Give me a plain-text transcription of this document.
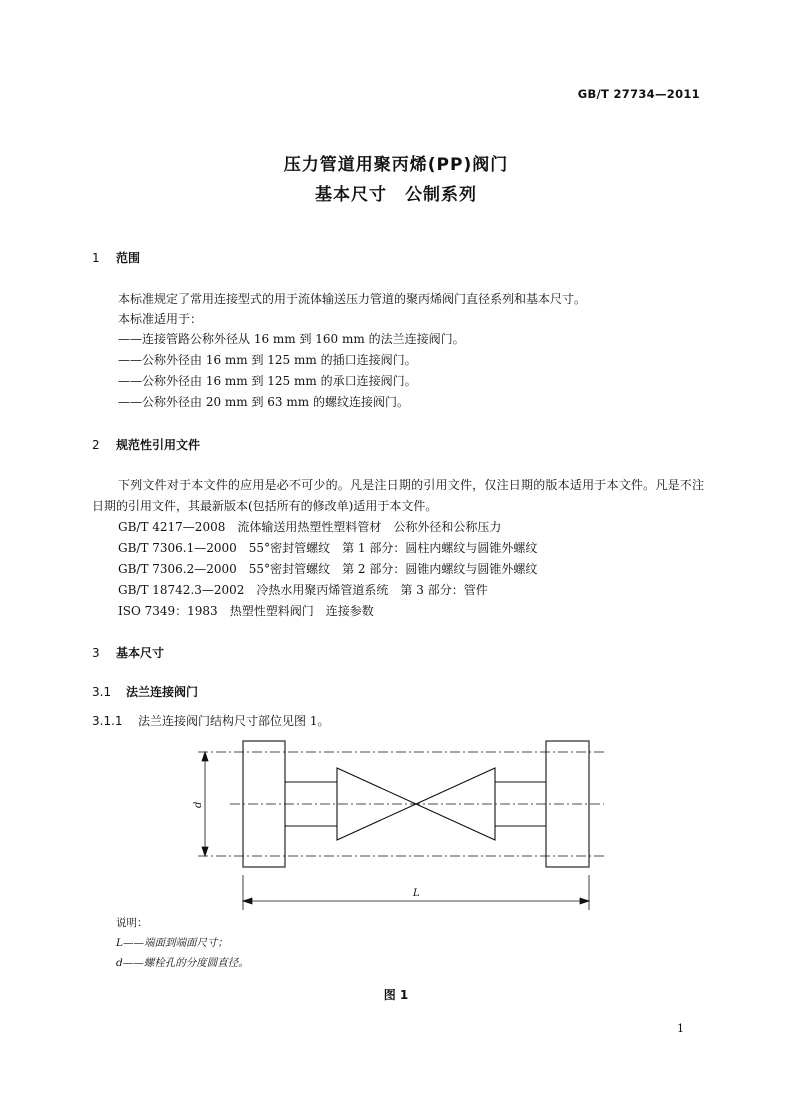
GB/T 27734—2011
压力管道用聚丙烯(PP)阀门
基本尺寸　公制系列
1 范围
本标准规定了常用连接型式的用于流体输送压力管道的聚丙烯阀门直径系列和基本尺寸。
本标准适用于：
——连接管路公称外径从 16 mm 到 160 mm 的法兰连接阀门。
——公称外径由 16 mm 到 125 mm 的插口连接阀门。
——公称外径由 16 mm 到 125 mm 的承口连接阀门。
——公称外径由 20 mm 到 63 mm 的螺纹连接阀门。
2 规范性引用文件
下列文件对于本文件的应用是必不可少的。凡是注日期的引用文件，仅注日期的版本适用于本文件。凡是不注日期的引用文件，其最新版本(包括所有的修改单)适用于本文件。
GB/T 4217—2008　流体输送用热塑性塑料管材　公称外径和公称压力
GB/T 7306.1—2000　55°密封管螺纹　第 1 部分：圆柱内螺纹与圆锥外螺纹
GB/T 7306.2—2000　55°密封管螺纹　第 2 部分：圆锥内螺纹与圆锥外螺纹
GB/T 18742.3—2002　冷热水用聚丙烯管道系统　第 3 部分：管件
ISO 7349：1983　热塑性塑料阀门　连接参数
3 基本尺寸
3.1 法兰连接阀门
3.1.1 法兰连接阀门结构尺寸部位见图 1。
d
L
说明：
L——端面到端面尺寸；
d——螺栓孔的分度圆直径。
图 1
1
